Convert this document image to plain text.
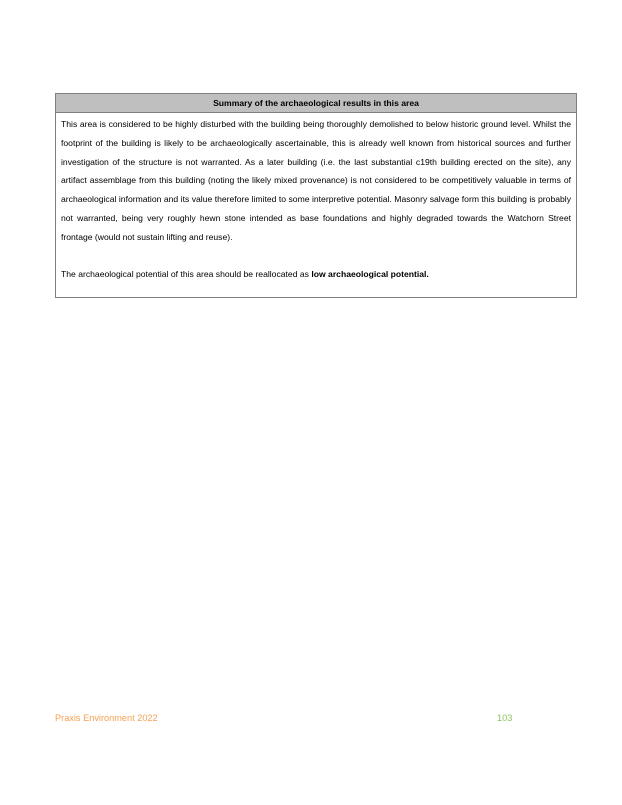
Summary of the archaeological results in this area

This area is considered to be highly disturbed with the building being thoroughly demolished to below historic ground level. Whilst the footprint of the building is likely to be archaeologically ascertainable, this is already well known from historical sources and further investigation of the structure is not warranted. As a later building (i.e. the last substantial c19th building erected on the site), any artifact assemblage from this building (noting the likely mixed provenance) is not considered to be competitively valuable in terms of archaeological information and its value therefore limited to some interpretive potential. Masonry salvage form this building is probably not warranted, being very roughly hewn stone intended as base foundations and highly degraded towards the Watchorn Street frontage (would not sustain lifting and reuse).

The archaeological potential of this area should be reallocated as low archaeological potential.

Praxis Environment 2022	103
